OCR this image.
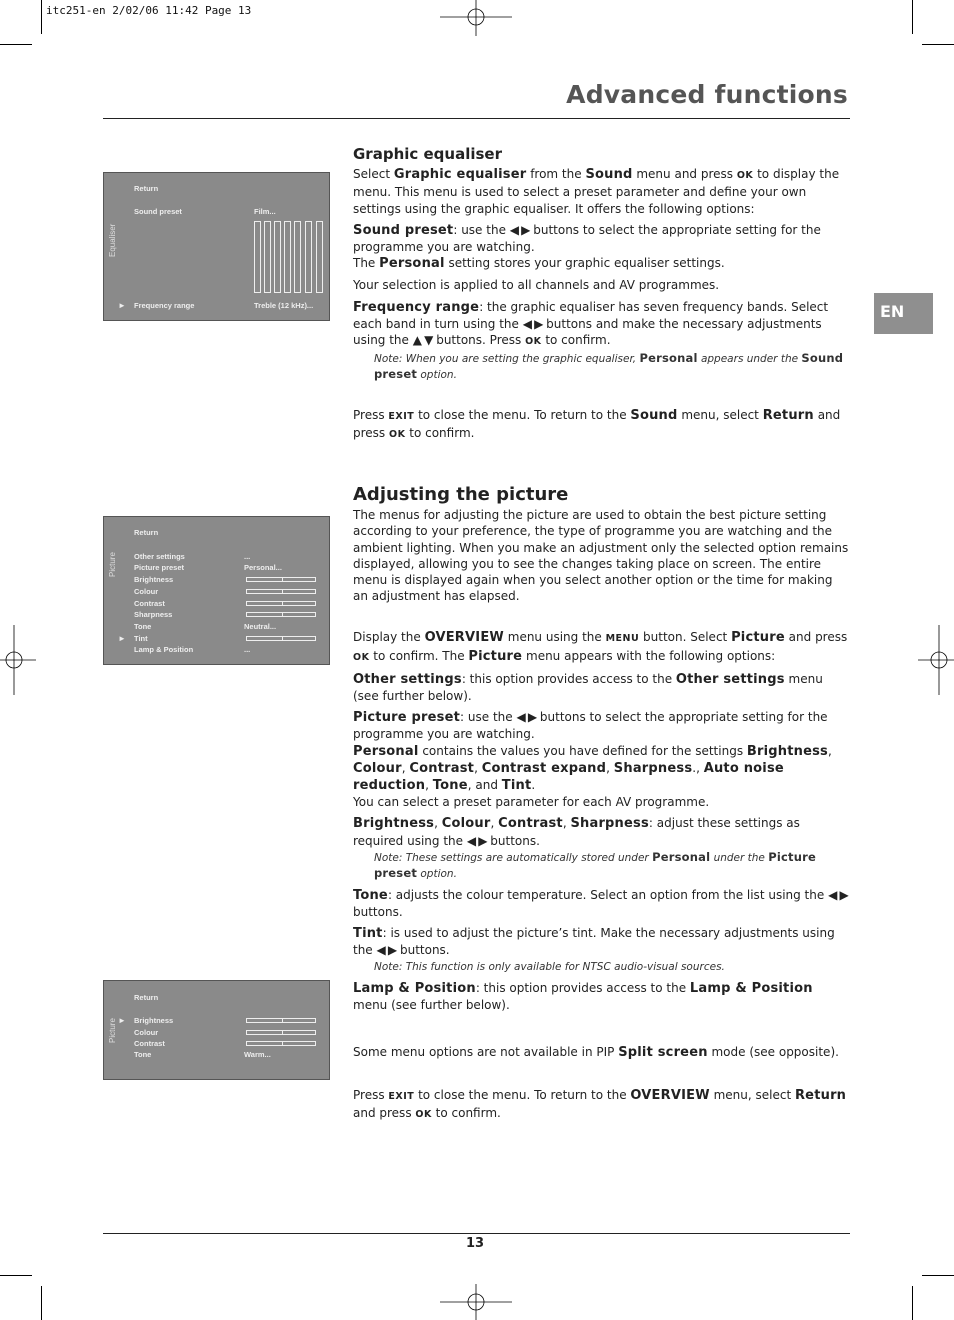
itc251-en 2/02/06 11:42 Page 13
Advanced functions
EN
13
Equaliser
Return
Sound preset	Film...
► Frequency range	Treble (12 kHz)...
Picture
Return
Other settings	...
Picture preset	Personal...
Brightness
Colour
Contrast
Sharpness
Tone	Neutral...
► Tint
Lamp & Position	...
Picture
Return
► Brightness
Colour
Contrast
Tone	Warm...
Graphic equaliser

Select Graphic equaliser from the Sound menu and press OK to display the menu. This menu is used to select a preset parameter and define your own settings using the graphic equaliser. It offers the following options:

Sound preset: use the ◀ ▶ buttons to select the appropriate setting for the programme you are watching.

The Personal setting stores your graphic equaliser settings.

Your selection is applied to all channels and AV programmes.

Frequency range: the graphic equaliser has seven frequency bands. Select each band in turn using the ◀ ▶ buttons and make the necessary adjustments using the ▲ ▼ buttons. Press OK to confirm.

Note: When you are setting the graphic equaliser, Personal appears under the Sound preset option.

Press EXIT to close the menu. To return to the Sound menu, select Return and press OK to confirm.

Adjusting the picture

The menus for adjusting the picture are used to obtain the best picture setting according to your preference, the type of programme you are watching and the ambient lighting. When you make an adjustment only the selected option remains displayed, allowing you to see the changes taking place on screen. The entire menu is displayed again when you select another option or the time for making an adjustment has elapsed.

Display the OVERVIEW menu using the MENU button. Select Picture and press OK to confirm. The Picture menu appears with the following options:

Other settings: this option provides access to the Other settings menu (see further below).

Picture preset: use the ◀ ▶ buttons to select the appropriate setting for the programme you are watching.

Personal contains the values you have defined for the settings Brightness, Colour, Contrast, Contrast expand, Sharpness., Auto noise reduction, Tone, and Tint.

You can select a preset parameter for each AV programme.

Brightness, Colour, Contrast, Sharpness: adjust these settings as required using the ◀ ▶ buttons.

Note: These settings are automatically stored under Personal under the Picture preset option.

Tone: adjusts the colour temperature. Select an option from the list using the ◀ ▶ buttons.

Tint: is used to adjust the picture’s tint. Make the necessary adjustments using the ◀ ▶ buttons.

Note: This function is only available for NTSC audio-visual sources.

Lamp & Position: this option provides access to the Lamp & Position menu (see further below).

Some menu options are not available in PIP Split screen mode (see opposite).

Press EXIT to close the menu. To return to the OVERVIEW menu, select Return and press OK to confirm.
